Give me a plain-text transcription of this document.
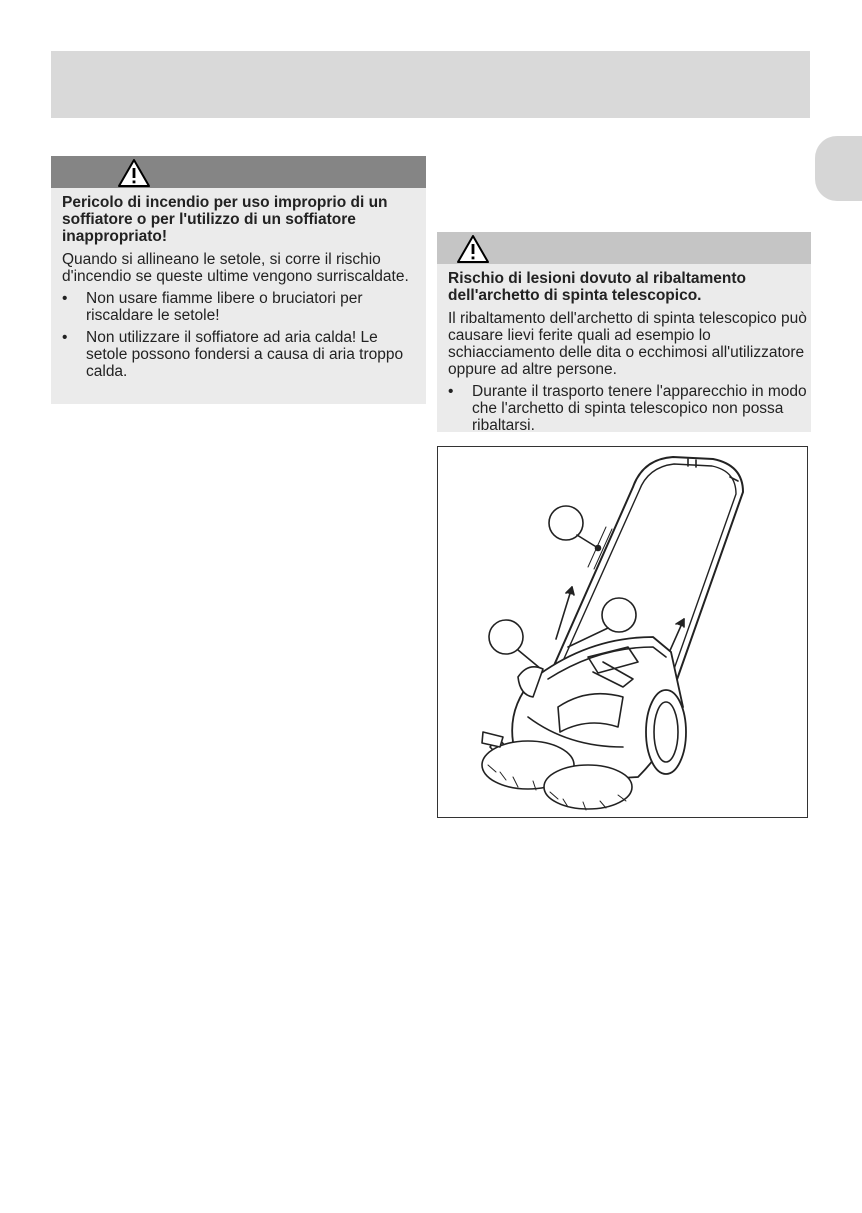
Pericolo di incendio per uso improprio di un soffiatore o per l'utilizzo di un soffiatore inappropriato!

Quando si allineano le setole, si corre il rischio d'incendio se queste ultime vengono surriscaldate.

• Non usare fiamme libere o bruciatori per riscaldare le setole!
• Non utilizzare il soffiatore ad aria calda! Le setole possono fondersi a causa di aria troppo calda.

Rischio di lesioni dovuto al ribaltamento dell'archetto di spinta telescopico.

Il ribaltamento dell'archetto di spinta telescopico può causare lievi ferite quali ad esempio lo schiacciamento delle dita o ecchimosi all'utilizzatore oppure ad altre persone.

• Durante il trasporto tenere l'apparecchio in modo che l'archetto di spinta telescopico non possa ribaltarsi.
